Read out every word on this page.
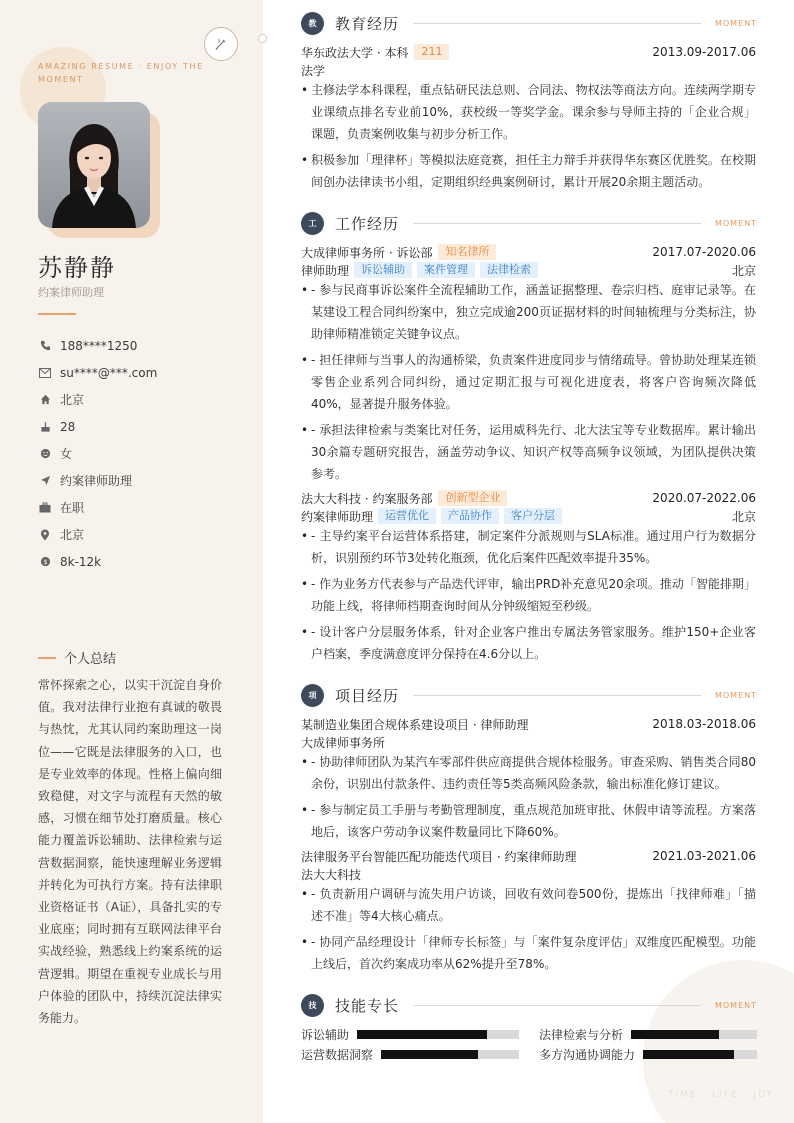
AMAZING RESUME · ENJOY THE MOMENT
苏静静
约案律师助理
188****1250
su****@***.com
北京
28
女
约案律师助理
在职
北京
$ 8k-12k
个人总结
常怀探索之心，以实干沉淀自身价值。我对法律行业抱有真诚的敬畏与热忱，尤其认同约案助理这一岗位——它既是法律服务的入口，也是专业效率的体现。性格上偏向细致稳健，对文字与流程有天然的敏感，习惯在细节处打磨质量。核心能力覆盖诉讼辅助、法律检索与运营数据洞察，能快速理解业务逻辑并转化为可执行方案。持有法律职业资格证书（A证），具备扎实的专业底座；同时拥有互联网法律平台实战经验，熟悉线上约案系统的运营逻辑。期望在重视专业成长与用户体验的团队中，持续沉淀法律实务能力。
TIME · LIFE · JOY
教	教育经历	MOMENT
华东政法大学 · 本科	211	2013.09-2017.06
法学
• 主修法学本科课程，重点钻研民法总则、合同法、物权法等商法方向。连续两学期专业课绩点排名专业前10%，获校级一等奖学金。课余参与导师主持的「企业合规」课题，负责案例收集与初步分析工作。
• 积极参加「理律杯」等模拟法庭竞赛，担任主力辩手并获得华东赛区优胜奖。在校期间创办法律读书小组，定期组织经典案例研讨，累计开展20余期主题活动。
工	工作经历	MOMENT
大成律师事务所 · 诉讼部	知名律所	2017.07-2020.06
律师助理	诉讼辅助	案件管理	法律检索	北京
• - 参与民商事诉讼案件全流程辅助工作，涵盖证据整理、卷宗归档、庭审记录等。在某建设工程合同纠纷案中，独立完成逾200页证据材料的时间轴梳理与分类标注，协助律师精准锁定关键争议点。
• - 担任律师与当事人的沟通桥梁，负责案件进度同步与情绪疏导。曾协助处理某连锁零售企业系列合同纠纷，通过定期汇报与可视化进度表，将客户咨询频次降低40%，显著提升服务体验。
• - 承担法律检索与类案比对任务，运用威科先行、北大法宝等专业数据库。累计输出30余篇专题研究报告，涵盖劳动争议、知识产权等高频争议领域，为团队提供决策参考。
法大大科技 · 约案服务部	创新型企业	2020.07-2022.06
约案律师助理	运营优化	产品协作	客户分层	北京
• - 主导约案平台运营体系搭建，制定案件分派规则与SLA标准。通过用户行为数据分析，识别预约环节3处转化瓶颈，优化后案件匹配效率提升35%。
• - 作为业务方代表参与产品迭代评审，输出PRD补充意见20余项。推动「智能排期」功能上线，将律师档期查询时间从分钟级缩短至秒级。
• - 设计客户分层服务体系，针对企业客户推出专属法务管家服务。维护150+企业客户档案，季度满意度评分保持在4.6分以上。
项	项目经历	MOMENT
某制造业集团合规体系建设项目 · 律师助理	2018.03-2018.06
大成律师事务所
• - 协助律师团队为某汽车零部件供应商提供合规体检服务。审查采购、销售类合同80余份，识别出付款条件、违约责任等5类高频风险条款，输出标准化修订建议。
• - 参与制定员工手册与考勤管理制度，重点规范加班审批、休假申请等流程。方案落地后，该客户劳动争议案件数量同比下降60%。
法律服务平台智能匹配功能迭代项目 · 约案律师助理	2021.03-2021.06
法大大科技
• - 负责新用户调研与流失用户访谈，回收有效问卷500份，提炼出「找律师难」「描述不准」等4大核心痛点。
• - 协同产品经理设计「律师专长标签」与「案件复杂度评估」双维度匹配模型。功能上线后，首次约案成功率从62%提升至78%。
技	技能专长	MOMENT
诉讼辅助	法律检索与分析
运营数据洞察	多方沟通协调能力
